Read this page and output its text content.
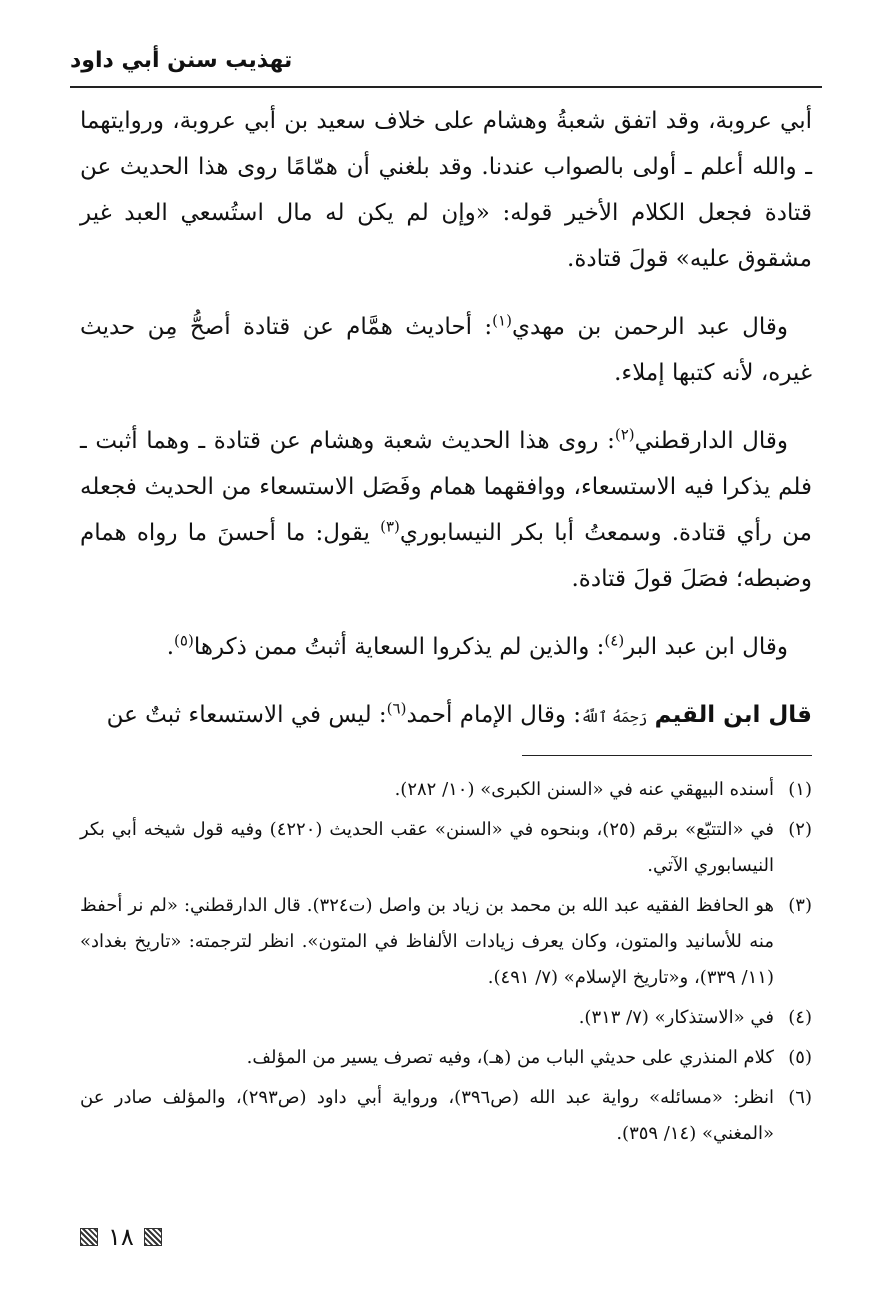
تهذيب سنن أبي داود

أبي عروبة، وقد اتفق شعبةُ وهشام على خلاف سعيد بن أبي عروبة، وروايتهما ـ والله أعلم ـ أولى بالصواب عندنا. وقد بلغني أن همّامًا روى هذا الحديث عن قتادة فجعل الكلام الأخير قوله: «وإن لم يكن له مال استُسعي العبد غير مشقوق عليه» قولَ قتادة.

وقال عبد الرحمن بن مهدي$^{(١)}$: أحاديث همَّام عن قتادة أصحُّ مِن حديث غيره، لأنه كتبها إملاء.

وقال الدارقطني$^{(٢)}$: روى هذا الحديث شعبة وهشام عن قتادة ـ وهما أثبت ـ فلم يذكرا فيه الاستسعاء، ووافقهما همام وفَصَل الاستسعاء من الحديث فجعله من رأي قتادة. وسمعتُ أبا بكر النيسابوري$^{(٣)}$ يقول: ما أحسنَ ما رواه همام وضبطه؛ فصَلَ قولَ قتادة.

وقال ابن عبد البر$^{(٤)}$: والذين لم يذكروا السعاية أثبتُ ممن ذكرها$^{(٥)}$.

قال ابن القيم رَحِمَهُ ٱللَّهُ: وقال الإمام أحمد$^{(٦)}$: ليس في الاستسعاء ثبتٌ عن

(١)
أسنده البيهقي عنه في «السنن الكبرى» (١٠/ ٢٨٢).
(٢)
في «التتبّع» برقم (٢٥)، وبنحوه في «السنن» عقب الحديث (٤٢٢٠) وفيه قول شيخه أبي بكر النيسابوري الآتي.
(٣)
هو الحافظ الفقيه عبد الله بن محمد بن زياد بن واصل (ت٣٢٤). قال الدارقطني: «لم نر أحفظ منه للأسانيد والمتون، وكان يعرف زيادات الألفاظ في المتون». انظر لترجمته: «تاريخ بغداد» (١١/ ٣٣٩)، و«تاريخ الإسلام» (٧/ ٤٩١).
(٤)
في «الاستذكار» (٧/ ٣١٣).
(٥)
كلام المنذري على حديثي الباب من (هـ)، وفيه تصرف يسير من المؤلف.
(٦)
انظر: «مسائله» رواية عبد الله (ص٣٩٦)، ورواية أبي داود (ص٢٩٣)، والمؤلف صادر عن «المغني» (١٤/ ٣٥٩).
١٨
